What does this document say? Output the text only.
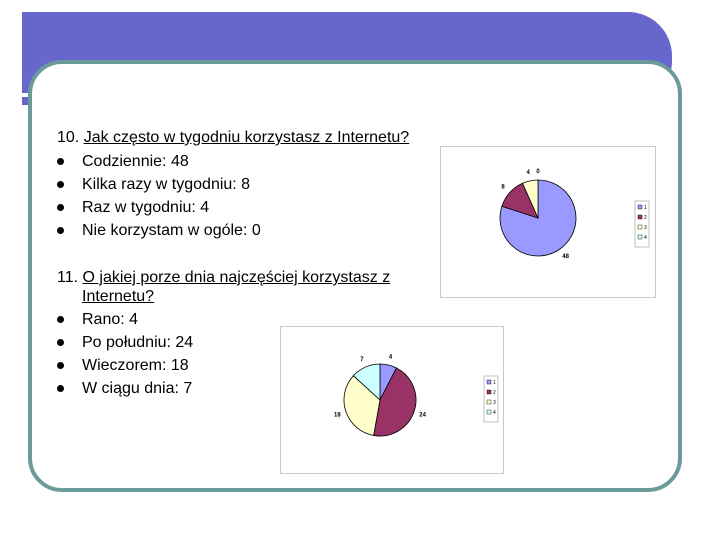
10. Jak często w tygodniu korzystasz z Internetu?
Codziennie: 48
Kilka razy w tygodniu: 8
Raz w tygodniu: 4
Nie korzystam w ogóle: 0
11. O jakiej porze dnia najczęściej korzystasz z
Internetu?
Rano: 4
Po południu: 24
Wieczorem: 18
W ciągu dnia: 7
48
8
4 0
1
2
3
4
4
24
18
7
1
2
3
4
